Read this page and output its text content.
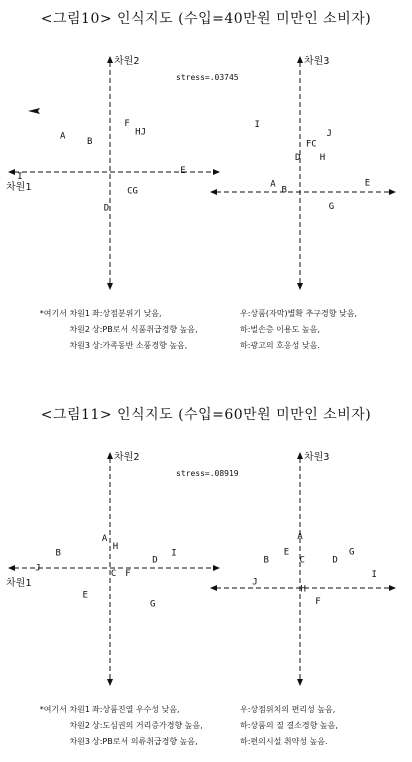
<그림10> 인식지도 (수입=40만원 미만인 소비자)
차원2
차원1
A
B
F
HJ
E
I
CG
D
stress=.03745
차원3
I
J
FC
D H
A
B
E
G
*여기서 차원1 좌:상점분위기 낮음,	우:상품(자막)별확 추구경향 낮음,
차원2 상:PB로서 식품취급경향 높음,	하:벌손층 이용도 높음,
차원3 상:가족동반 소풍경향 높음,	하:광고의 호응성 낮음.
<그림11> 인식지도 (수입=60만원 미만인 소비자)
차원2
차원1
A
H
B	I
D
J
C F
E
G
stress=.08919
차원3
A
E	G
B	C	D
I
J
H
F
*여기서 차원1 좌:상품진열 우수성 낮음,	우:상점위치의 편리성 높음,
차원2 상:도심권의 거리증가경향 높음,	하:상품의 질 결소경향 높음,
차원3 상:PB로서 의류취급경향 높음,	하:편의시설 취약성 높음.
